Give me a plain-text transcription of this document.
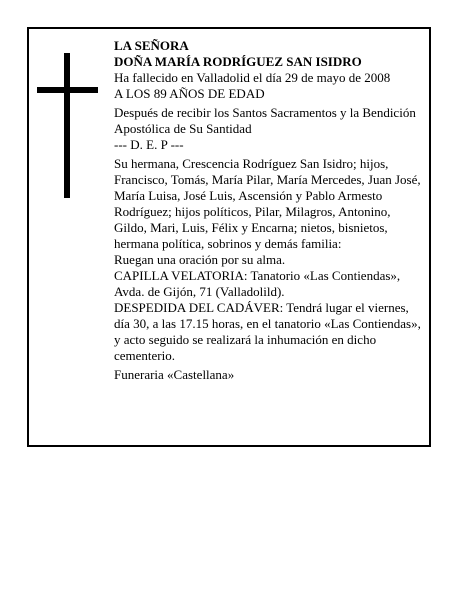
LA SEÑORA

DOÑA MARÍA RODRÍGUEZ SAN ISIDRO

Ha fallecido en Valladolid el día 29 de mayo de 2008

A LOS 89 AÑOS DE EDAD

Después de recibir los Santos Sacramentos y la Bendición Apostólica de Su Santidad

--- D. E. P ---

Su hermana, Crescencia Rodríguez San Isidro; hijos, Francisco, Tomás, María Pilar, María Mercedes, Juan José, María Luisa, José Luis, Ascensión y Pablo Armesto Rodríguez; hijos políticos, Pilar, Milagros, Antonino, Gildo, Mari, Luis, Félix y Encarna; nietos, bisnietos, hermana política, sobrinos y demás familia:

Ruegan una oración por su alma.

CAPILLA VELATORIA: Tanatorio «Las Contiendas», Avda. de Gijón, 71 (Valladolild).

DESPEDIDA DEL CADÁVER: Tendrá lugar el viernes, día 30, a las 17.15 horas, en el tanatorio «Las Contiendas», y acto seguido se realizará la inhumación en dicho cementerio.

Funeraria «Castellana»
